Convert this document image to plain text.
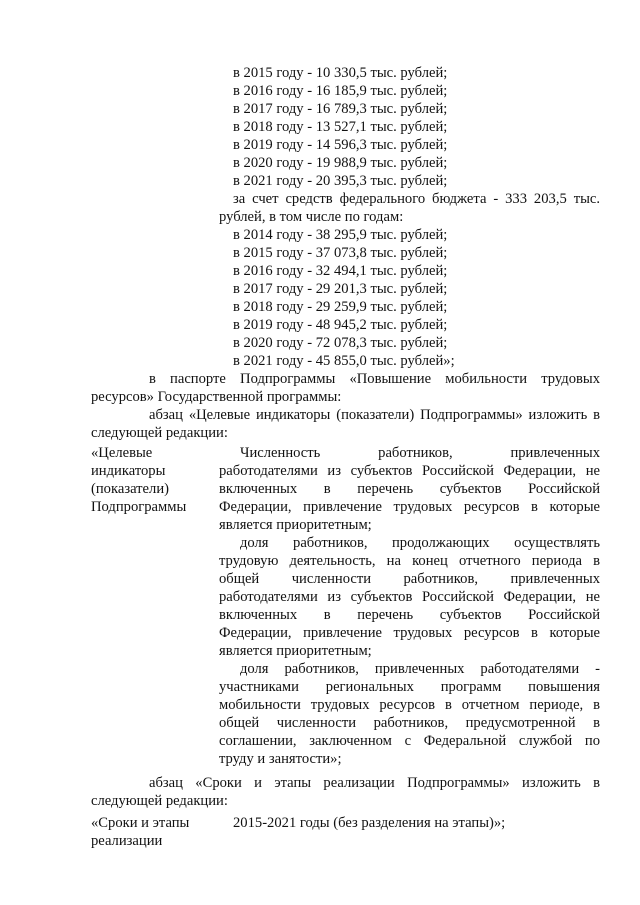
в 2015 году - 10 330,5 тыс. рублей;
в 2016 году - 16 185,9 тыс. рублей;
в 2017 году - 16 789,3 тыс. рублей;
в 2018 году - 13 527,1 тыс. рублей;
в 2019 году - 14 596,3 тыс. рублей;
в 2020 году - 19 988,9 тыс. рублей;
в 2021 году - 20 395,3 тыс. рублей;
за счет средств федерального бюджета - 333 203,5 тыс.
рублей, в том числе по годам:
в 2014 году - 38 295,9 тыс. рублей;
в 2015 году - 37 073,8 тыс. рублей;
в 2016 году - 32 494,1 тыс. рублей;
в 2017 году - 29 201,3 тыс. рублей;
в 2018 году - 29 259,9 тыс. рублей;
в 2019 году - 48 945,2 тыс. рублей;
в 2020 году - 72 078,3 тыс. рублей;
в 2021 году - 45 855,0 тыс. рублей»;
в паспорте Подпрограммы «Повышение мобильности трудовых
ресурсов» Государственной программы:
абзац «Целевые индикаторы (показатели) Подпрограммы» изложить в
следующей редакции:
«Целевые
индикаторы
(показатели)
Подпрограммы
Численность работников, привлеченных
работодателями из субъектов Российской Федерации, не
включенных в перечень субъектов Российской
Федерации, привлечение трудовых ресурсов в которые
является приоритетным;
доля работников, продолжающих осуществлять
трудовую деятельность, на конец отчетного периода в
общей численности работников, привлеченных
работодателями из субъектов Российской Федерации, не
включенных в перечень субъектов Российской
Федерации, привлечение трудовых ресурсов в которые
является приоритетным;
доля работников, привлеченных работодателями -
участниками региональных программ повышения
мобильности трудовых ресурсов в отчетном периоде, в
общей численности работников, предусмотренной в
соглашении, заключенном с Федеральной службой по
труду и занятости»;
абзац «Сроки и этапы реализации Подпрограммы» изложить в
следующей редакции:
«Сроки и этапы
реализации
2015-2021 годы (без разделения на этапы)»;
